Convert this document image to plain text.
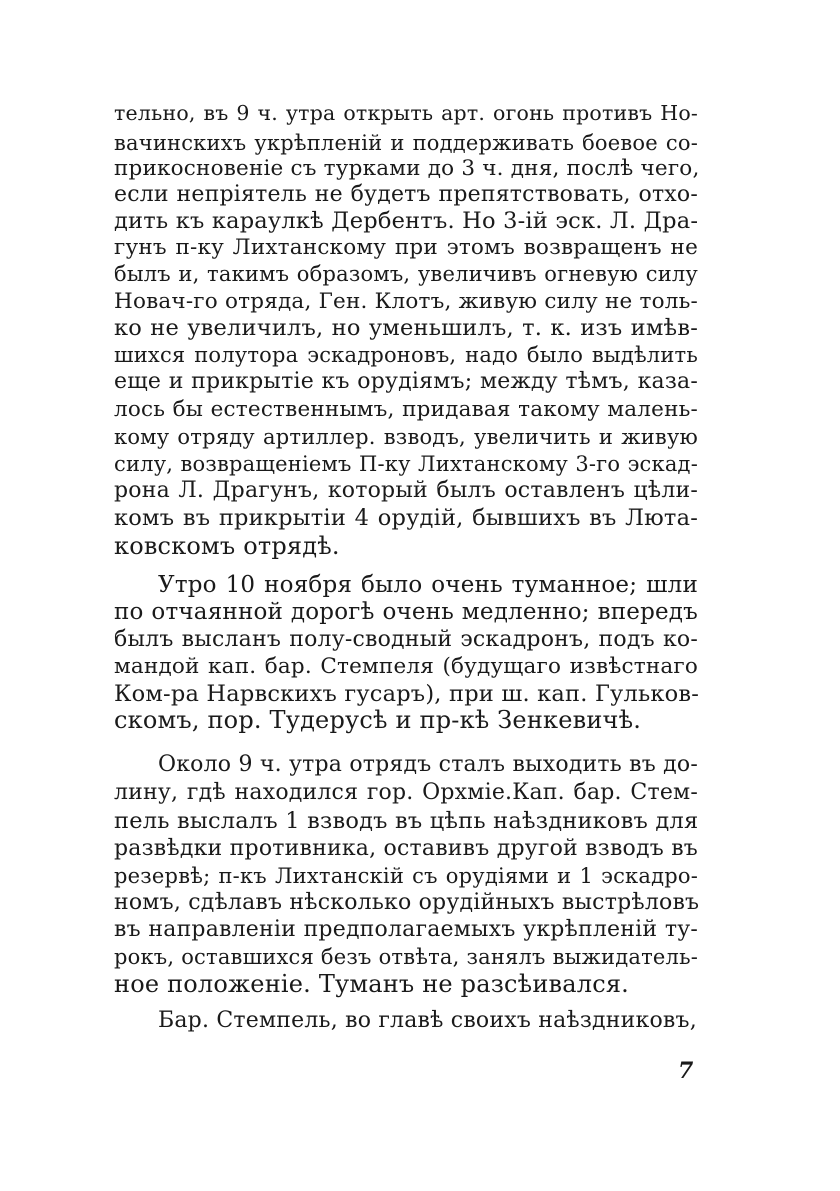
тельно, въ 9 ч. утра открыть арт. огонь противъ Но-
вачинскихъ укрѣпленій и поддерживать боевое со-
прикосновеніе съ турками до 3 ч. дня, послѣ чего,
если непріятель не будетъ препятствовать, отхо-
дить къ караулкѣ Дербентъ. Но 3-ій эск. Л. Дра-
гунъ п-ку Лихтанскому при этомъ возвращенъ не
былъ и, такимъ образомъ, увеличивъ огневую силу
Новач-го отряда, Ген. Клотъ, живую силу не толь-
ко не увеличилъ, но уменьшилъ, т. к. изъ имѣв-
шихся полутора эскадроновъ, надо было выдѣлить
еще и прикрытіе къ орудіямъ; между тѣмъ, каза-
лось бы естественнымъ, придавая такому малень-
кому отряду артиллер. взводъ, увеличить и живую
силу, возвращеніемъ П-ку Лихтанскому 3-го эскад-
рона Л. Драгунъ, который былъ оставленъ цѣли-
комъ въ прикрытіи 4 орудій, бывшихъ въ Люта-
ковскомъ отрядѣ.
Утро 10 ноября было очень туманное; шли
по отчаянной дорогѣ очень медленно; впередъ
былъ высланъ полу-сводный эскадронъ, подъ ко-
мандой кап. бар. Стемпеля (будущаго извѣстнаго
Ком-ра Нарвскихъ гусаръ), при ш. кап. Гульков-
скомъ, пор. Тудерусѣ и пр-кѣ Зенкевичѣ.
Около 9 ч. утра отрядъ сталъ выходить въ до-
лину, гдѣ находился гор. Орхміе.Кап. бар. Стем-
пель выслалъ 1 взводъ въ цѣпь наѣздниковъ для
развѣдки противника, оставивъ другой взводъ въ
резервѣ; п-къ Лихтанскій съ орудіями и 1 эскадро-
номъ, сдѣлавъ нѣсколько орудійныхъ выстрѣловъ
въ направленіи предполагаемыхъ укрѣпленій ту-
рокъ, оставшихся безъ отвѣта, занялъ выжидатель-
ное положеніе. Туманъ не разсѣивался.
Бар. Стемпель, во главѣ своихъ наѣздниковъ,
7
